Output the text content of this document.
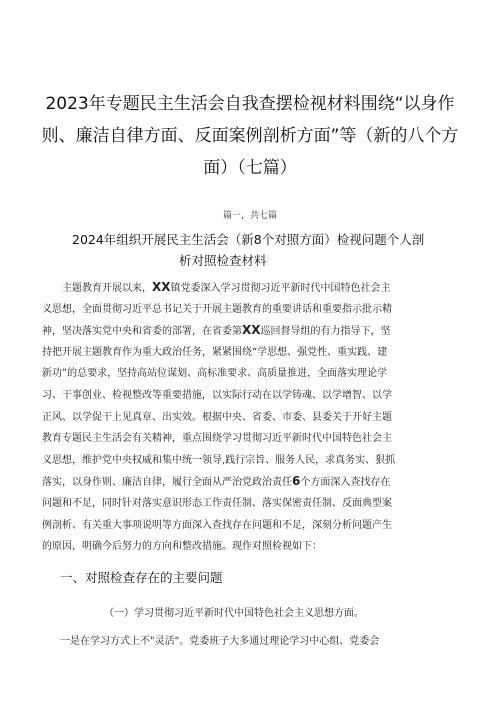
2023年专题民主生活会自我查摆检视材料围绕“以身作
则、廉洁自律方面、反面案例剖析方面”等（新的八个方
面）（七篇）
篇一，共七篇
2024年组织开展民主生活会（新8个对照方面）检视问题个人剖
析对照检查材料
　　主题教育开展以来，XX镇党委深入学习贯彻习近平新时代中国特色社会主
义思想，全面贯彻习近平总书记关于开展主题教育的重要讲话和重要指示批示精
神，坚决落实党中央和省委的部署，在省委第XX巡回督导组的有力指导下，坚
持把开展主题教育作为重大政治任务，紧紧围绕“学思想、强党性、重实践、建
新功”的总要求，坚持高站位谋划、高标准要求、高质量推进，全面落实理论学
习、干事创业、检视整改等重要措施，以实际行动在以学铸魂、以学增智、以学
正风、以学促干上见真章、出实效。根据中央、省委、市委、县委关于开好主题
教育专题民主生活会有关精神，重点围绕学习贯彻习近平新时代中国特色社会主
义思想，维护党中央权威和集中统一领导,践行宗旨、服务人民，求真务实、狠抓
落实，以身作则、廉洁自律，履行全面从严治党政治责任6个方面深入查找存在
问题和不足，同时针对落实意识形态工作责任制、落实保密责任制、反面典型案
例剖析、有关重大事项说明等方面深入查找存在问题和不足，深刻分析问题产生
的原因，明确今后努力的方向和整改措施。现作对照检视如下：
一、对照检查存在的主要问题
（一）学习贯彻习近平新时代中国特色社会主义思想方面。
一是在学习方式上不"灵活"。党委班子大多通过理论学习中心组、党委会
